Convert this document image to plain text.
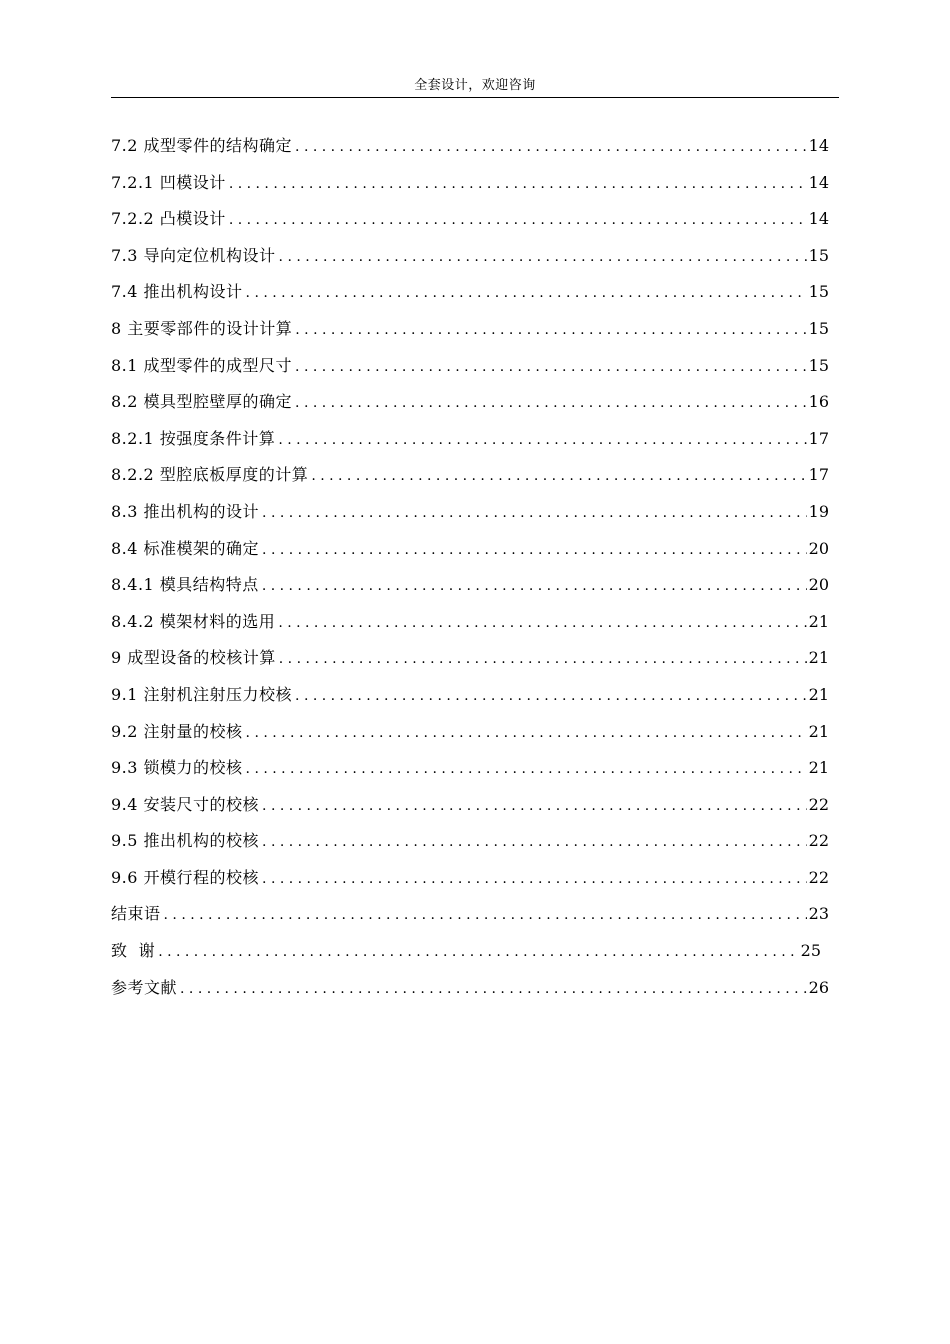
全套设计，欢迎咨询
7.2 成型零件的结构确定 . . .	14
7.2.1 凹模设计 . . .	14
7.2.2 凸模设计 . . .	14
7.3 导向定位机构设计 . . .	15
7.4 推出机构设计 . . .	15
8 主要零部件的设计计算 . . .	15
8.1 成型零件的成型尺寸 . . .	15
8.2 模具型腔壁厚的确定 . . .	16
8.2.1 按强度条件计算 . . .	17
8.2.2 型腔底板厚度的计算 . . .	17
8.3 推出机构的设计 . . .	19
8.4 标准模架的确定 . . .	20
8.4.1 模具结构特点 . . .	20
8.4.2 模架材料的选用 . . .	21
9 成型设备的校核计算 . . .	21
9.1 注射机注射压力校核 . . .	21
9.2 注射量的校核 . . .	21
9.3 锁模力的校核 . . .	21
9.4 安装尺寸的校核 . . .	22
9.5 推出机构的校核 . . .	22
9.6 开模行程的校核 . . .	22
结束语 . . .	23
致  谢 . . .	25
参考文献 . . .	26
